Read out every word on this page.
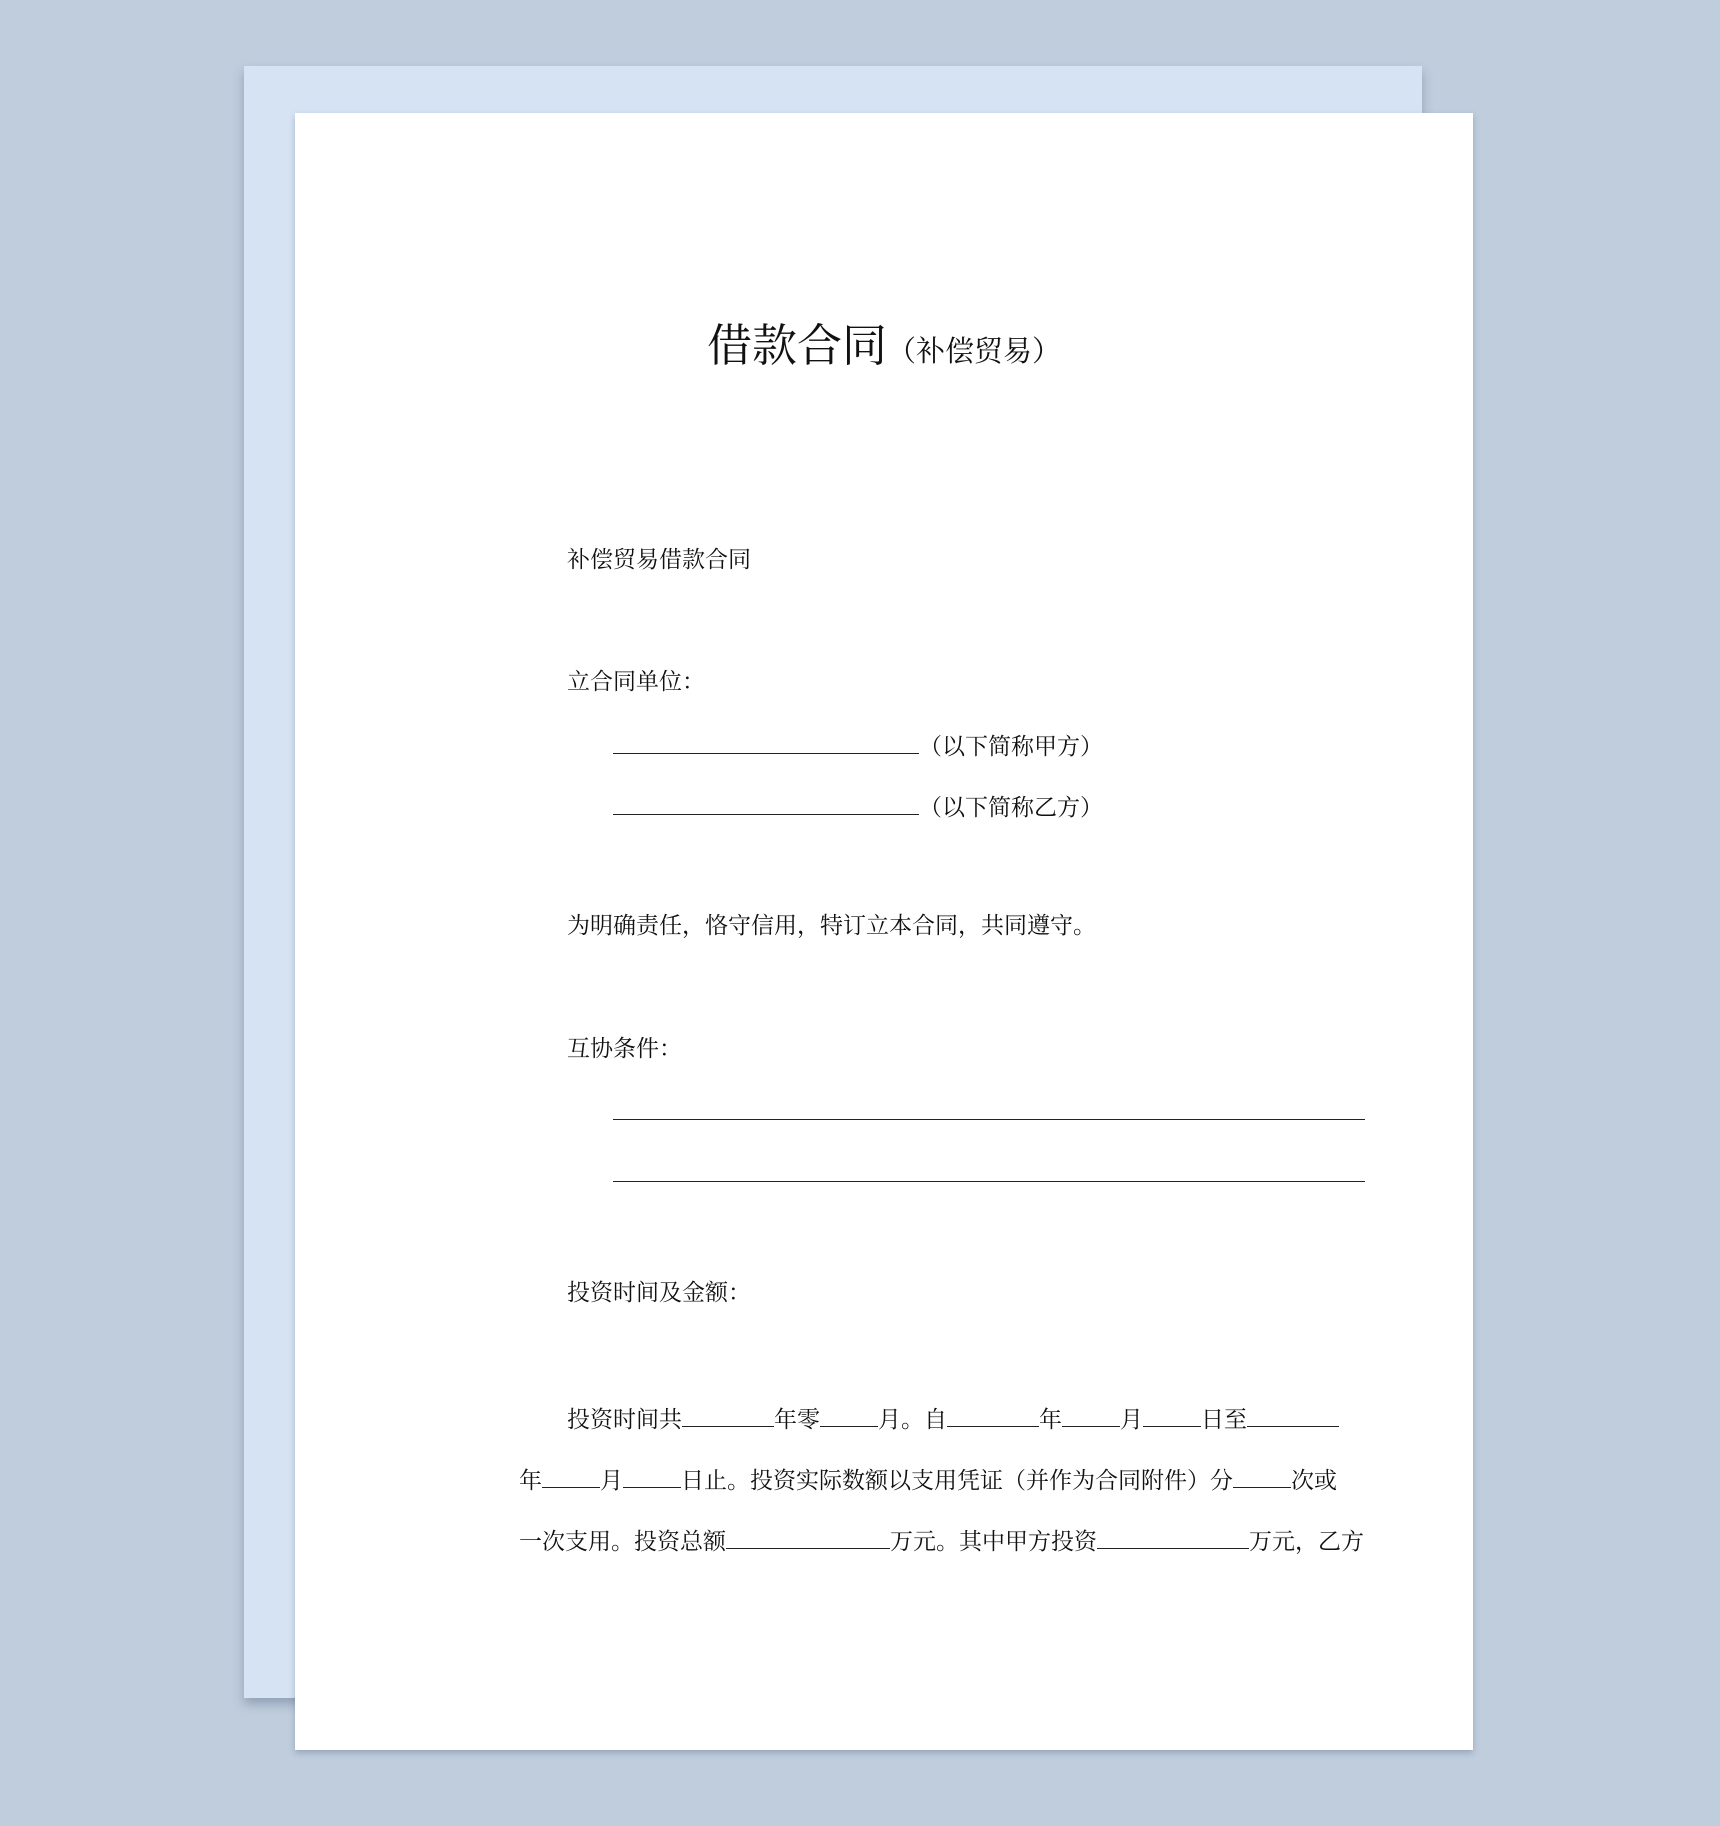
借款合同（补偿贸易）
补偿贸易借款合同
立合同单位：
（以下简称甲方）
（以下简称乙方）
为明确责任，恪守信用，特订立本合同，共同遵守。
互协条件：
投资时间及金额：
投资时间共	年零	月。自	年	月	日至
年	月	日止。投资实际数额以支用凭证（并作为合同附件）分	次或
一次支用。投资总额	万元。其中甲方投资	万元，乙方
